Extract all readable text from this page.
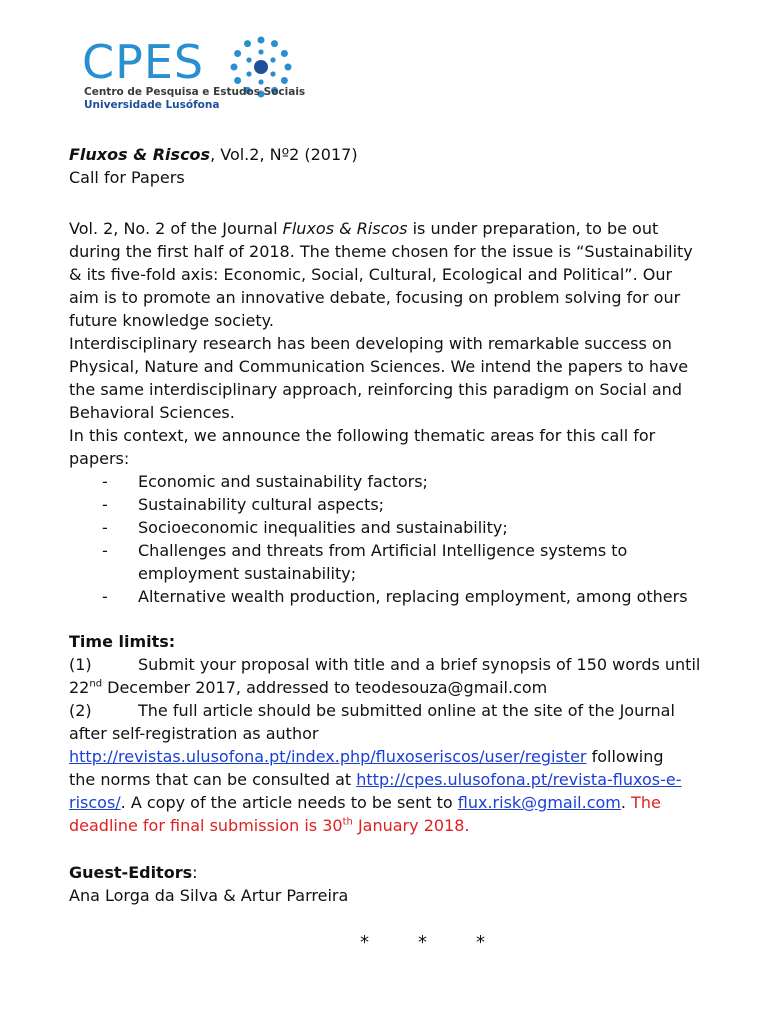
CPES
Centro de Pesquisa e Estudos Sociais
Universidade Lusófona

Fluxos & Riscos, Vol.2, Nº2 (2017)

Call for Papers

Vol. 2, No. 2 of the Journal Fluxos & Riscos is under preparation, to be out

during the first half of 2018. The theme chosen for the issue is “Sustainability

& its five-fold axis: Economic, Social, Cultural, Ecological and Political”. Our

aim is to promote an innovative debate, focusing on problem solving for our

future knowledge society.

Interdisciplinary research has been developing with remarkable success on

Physical, Nature and Communication Sciences. We intend the papers to have

the same interdisciplinary approach, reinforcing this paradigm on Social and

Behavioral Sciences.

In this context, we announce the following thematic areas for this call for

papers:

- Economic and sustainability factors;

- Sustainability cultural aspects;

- Socioeconomic inequalities and sustainability;

- Challenges and threats from Artificial Intelligence systems to

employment sustainability;

- Alternative wealth production, replacing employment, among others

Time limits:

(1)	Submit your proposal with title and a brief synopsis of 150 words until

22nd December 2017, addressed to teodesouza@gmail.com

(2)	The full article should be submitted online at the site of the Journal

after self-registration as author

http://revistas.ulusofona.pt/index.php/fluxoseriscos/user/register following

the norms that can be consulted at http://cpes.ulusofona.pt/revista-fluxos-e-

riscos/. A copy of the article needs to be sent to flux.risk@gmail.com. The

deadline for final submission is 30th January 2018.

Guest-Editors:

Ana Lorga da Silva & Artur Parreira

*	*	*
